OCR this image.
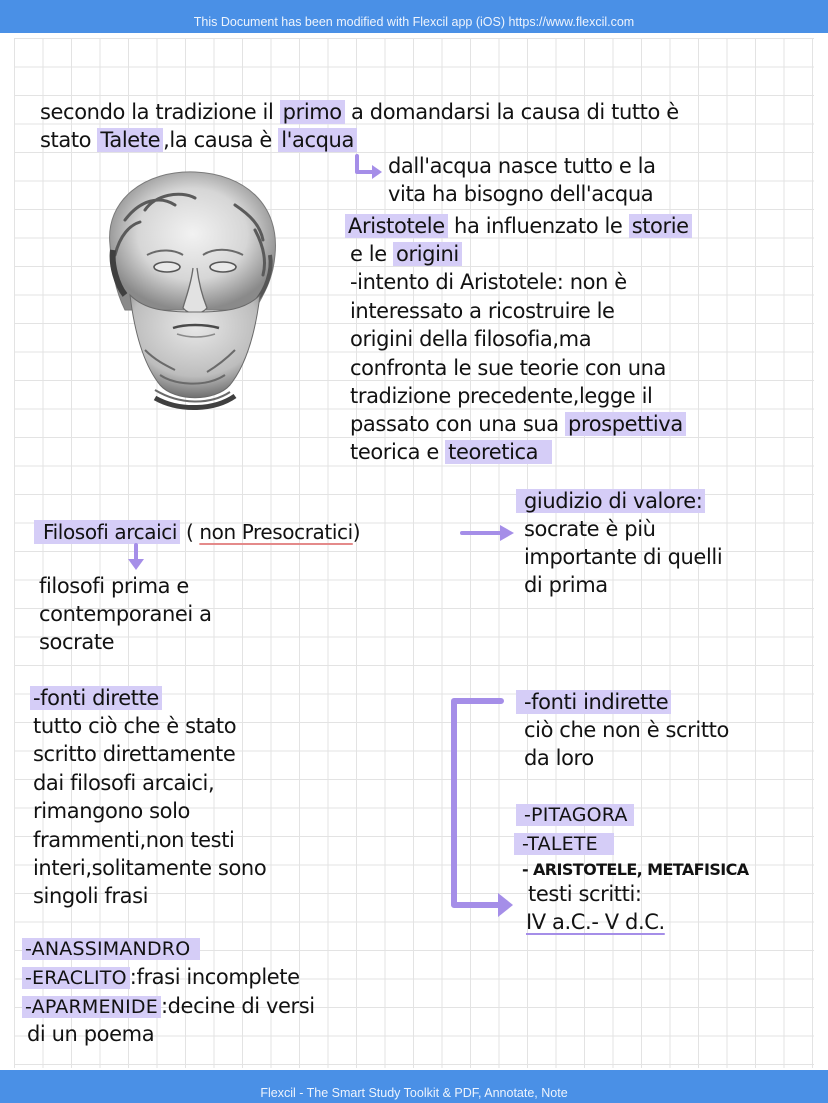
This Document has been modified with Flexcil app (iOS) https://www.flexcil.com
secondo la tradizione il primo a domandarsi la causa di tutto è
stato Talete ,la causa è l'acqua
dall'acqua nasce tutto e la
vita ha bisogno dell'acqua
Aristotele ha influenzato le storie
e le origini
-intento di Aristotele: non è
interessato a ricostruire le
origini della filosofia,ma
confronta le sue teorie con una
tradizione precedente,legge il
passato con una sua prospettiva
teorica e teoretica
Filosofi arcaici ( non Presocratici)
filosofi prima e
contemporanei a
socrate
giudizio di valore:
socrate è più
importante di quelli
di prima
-fonti dirette
tutto ciò che è stato
scritto direttamente
dai filosofi arcaici,
rimangono solo
frammenti,non testi
interi,solitamente sono
singoli frasi
-fonti indirette
ciò che non è scritto
da loro
-PITAGORA
-TALETE
- ARISTOTELE, METAFISICA
testi scritti:
IV a.C.- V d.C.
-ANASSIMANDRO
-ERACLITO :frasi incomplete
-APARMENIDE :decine di versi
di un poema
Flexcil - The Smart Study Toolkit & PDF, Annotate, Note
